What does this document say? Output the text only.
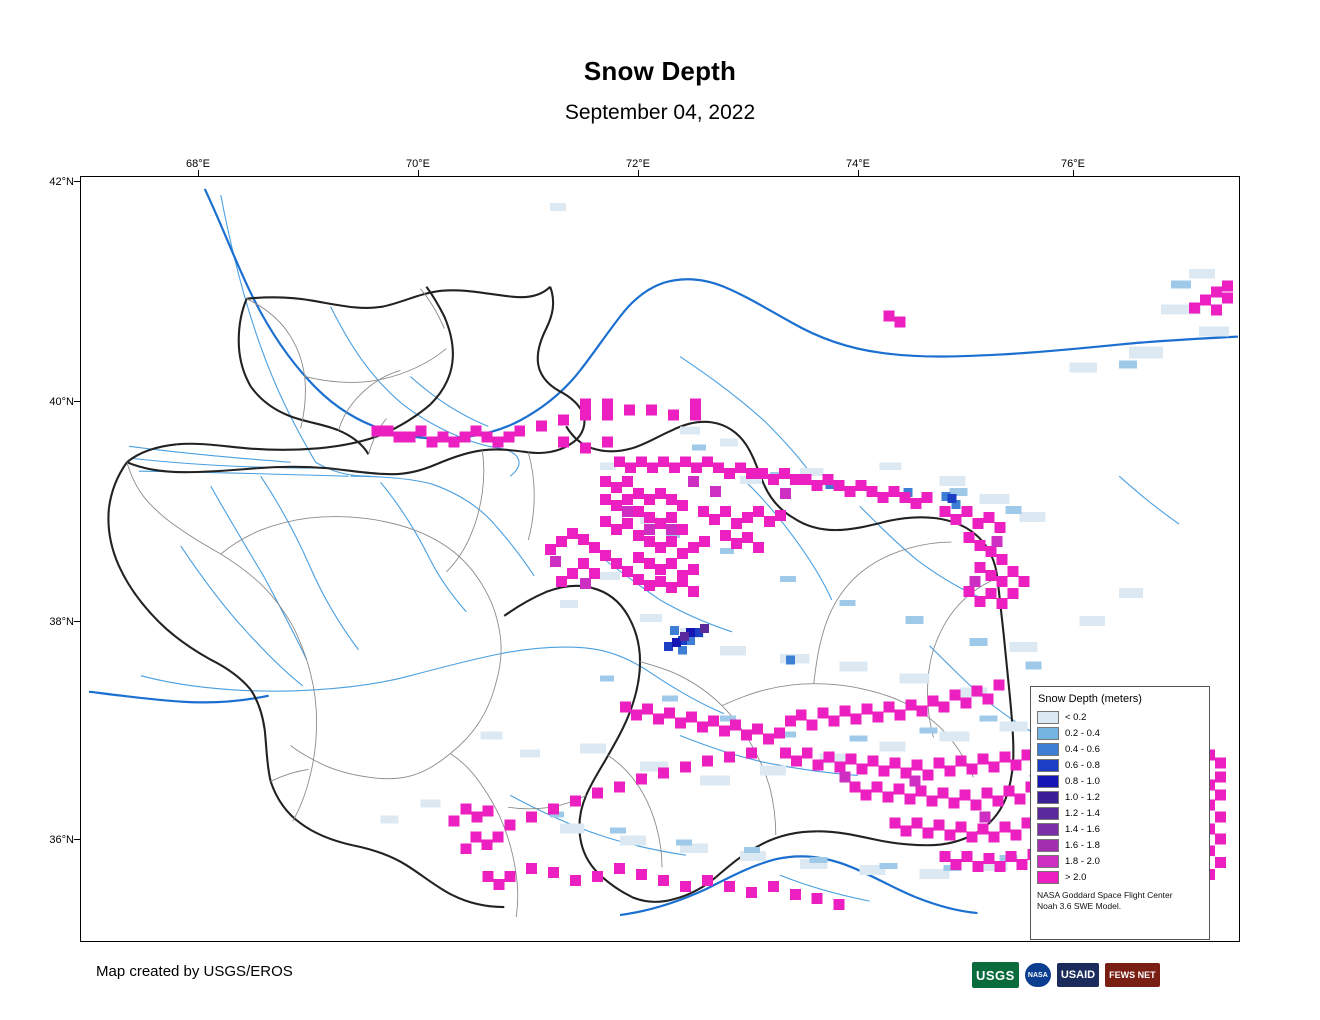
Snow Depth
September 04, 2022
68°E	70°E	72°E	74°E	76°E
42°N
40°N
38°N
36°N
Snow Depth (meters)
< 0.2
0.2 - 0.4
0.4 - 0.6
0.6 - 0.8
0.8 - 1.0
1.0 - 1.2
1.2 - 1.4
1.4 - 1.6
1.6 - 1.8
1.8 - 2.0
> 2.0
NASA Goddard Space Flight Center
Noah 3.6 SWE Model.
Map created by USGS/EROS	USGS	NASA	USAID	FEWS NET
